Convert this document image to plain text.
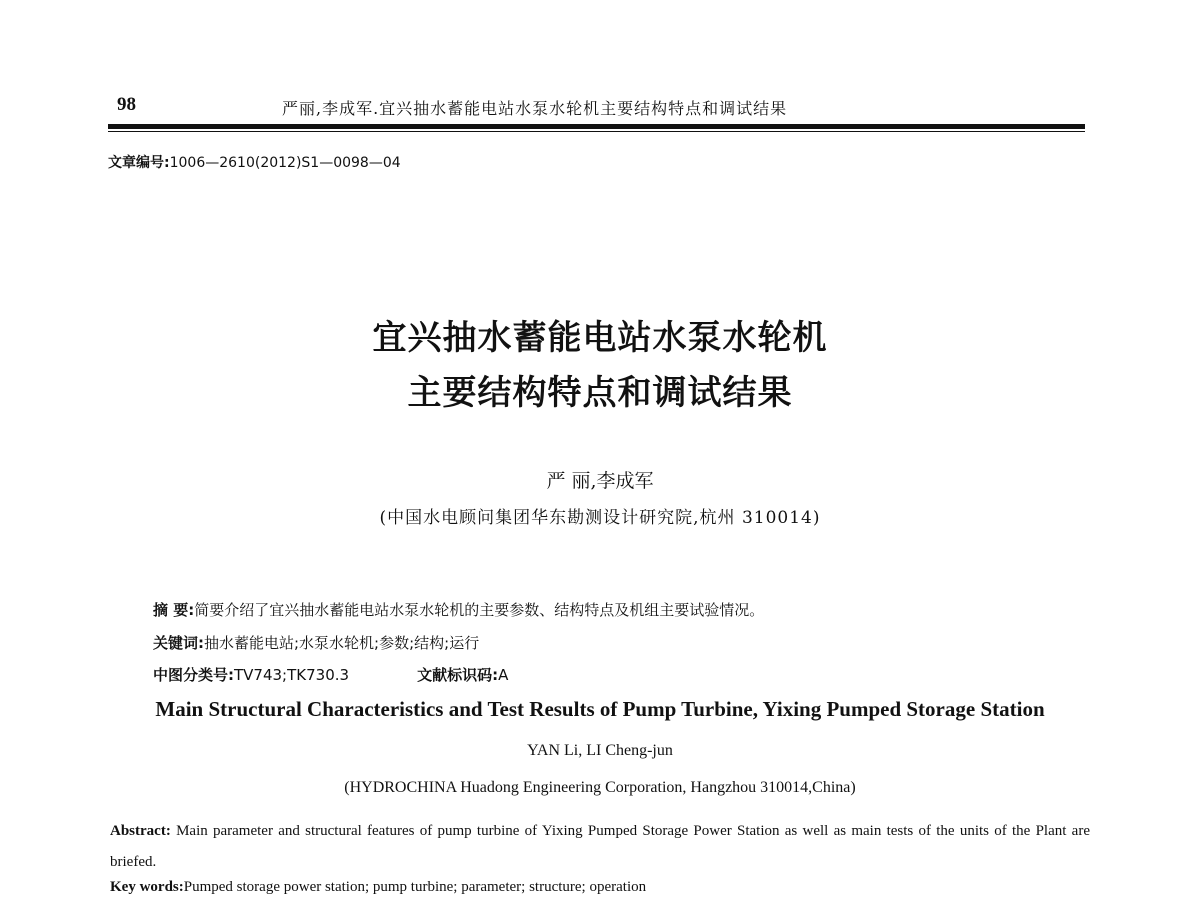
98	严丽,李成军.宜兴抽水蓄能电站水泵水轮机主要结构特点和调试结果
文章编号:1006—2610(2012)S1—0098—04
宜兴抽水蓄能电站水泵水轮机
主要结构特点和调试结果
严 丽,李成军
(中国水电顾问集团华东勘测设计研究院,杭州 310014)
摘 要:简要介绍了宜兴抽水蓄能电站水泵水轮机的主要参数、结构特点及机组主要试验情况。
关键词:抽水蓄能电站;水泵水轮机;参数;结构;运行
中图分类号:TV743;TK730.3	文献标识码:A
Main Structural Characteristics and Test Results of Pump Turbine, Yixing Pumped Storage Station
YAN Li, LI Cheng-jun
(HYDROCHINA Huadong Engineering Corporation, Hangzhou 310014,China)
Abstract: Main parameter and structural features of pump turbine of Yixing Pumped Storage Power Station as well as main tests of the units of the Plant are briefed.
Key words:Pumped storage power station; pump turbine; parameter; structure; operation
